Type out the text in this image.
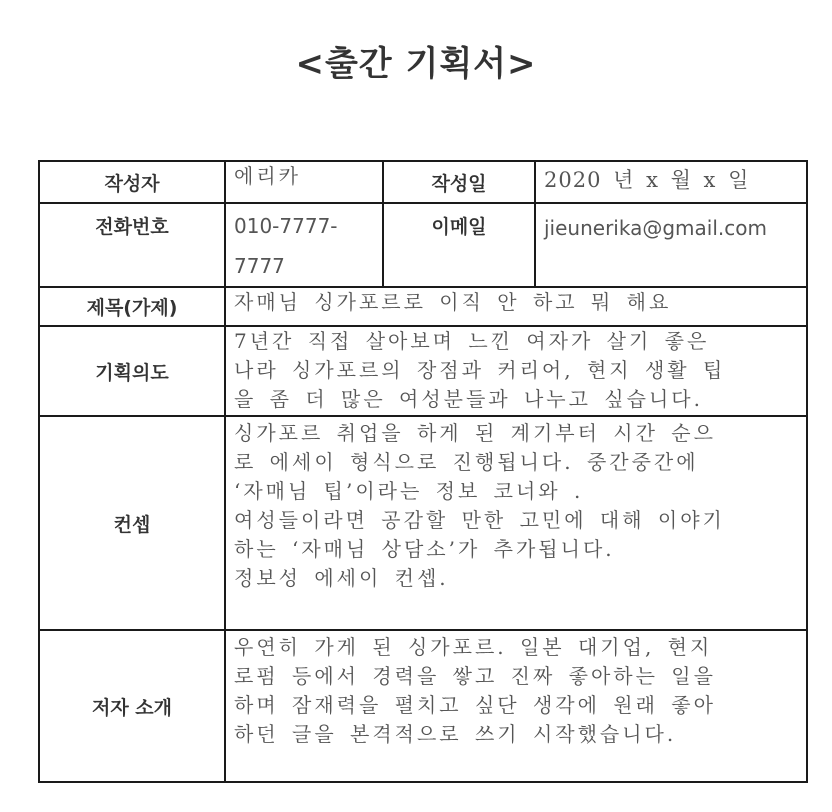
<출간 기획서>
작성자	에리카	작성일	2020 년 x 월 x 일

전화번호	010-7777-
7777	이메일	jieunerika@gmail.com

제목(가제)	자매님 싱가포르로 이직 안 하고 뭐 해요		
기획의도	7년간 직접 살아보며 느낀 여자가 살기 좋은
나라 싱가포르의 장점과 커리어, 현지 생활 팁
을 좀 더 많은 여성분들과 나누고 싶습니다.		

컨셉	
싱가포르 취업을 하게 된 계기부터 시간 순으
로 에세이 형식으로 진행됩니다. 중간중간에
‘자매님 팁’이라는 정보 코너와 .
여성들이라면 공감할 만한 고민에 대해 이야기
하는 ‘자매님 상담소’가 추가됩니다.
정보성 에세이 컨셉.

저자 소개	우연히 가게 된 싱가포르. 일본 대기업, 현지
로펌 등에서 경력을 쌓고 진짜 좋아하는 일을
하며 잠재력을 펼치고 싶단 생각에 원래 좋아
하던 글을 본격적으로 쓰기 시작했습니다.		
